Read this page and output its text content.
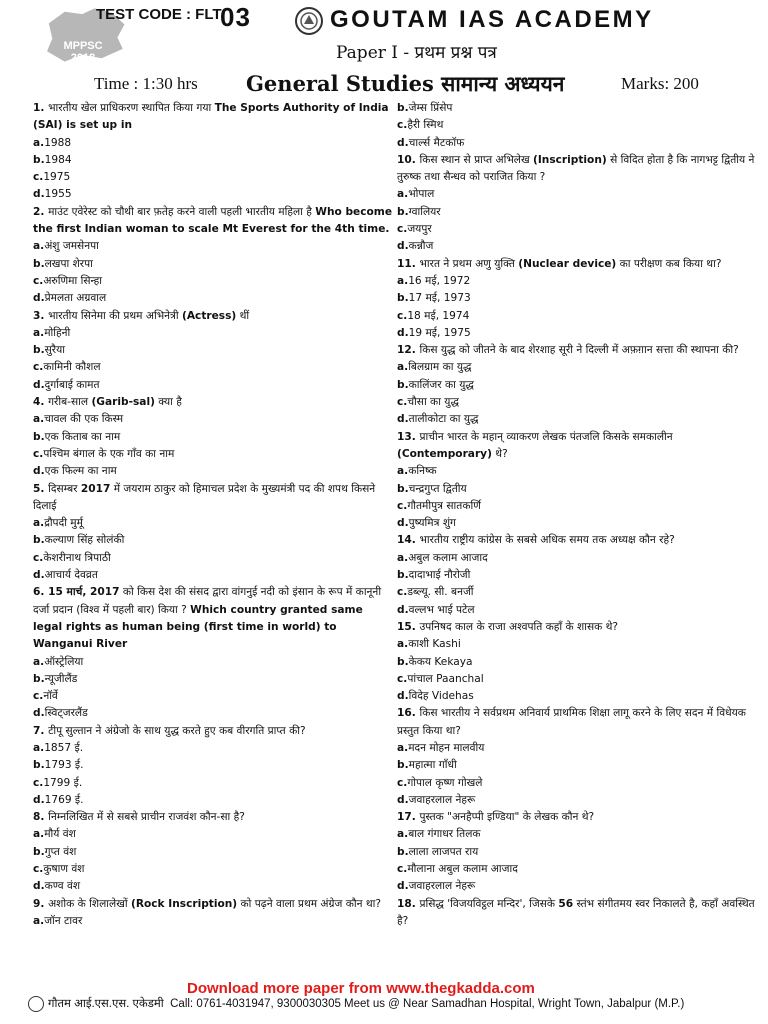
MPPSC
2018
TEST CODE : FLT
03	GOUTAM IAS ACADEMY
Paper I - प्रथम प्रश्न पत्र
Time : 1:30 hrs General Studies सामान्य अध्ययन	Marks: 200
1. भारतीय खेल प्राधिकरण स्थापित किया गया The Sports Authority of India (SAI) is set up in
a.1988
b.1984
c.1975
d.1955
2. माउंट एवेरेस्ट को चौथी बार फ़तेह करने वाली पहली भारतीय महिला है Who become the first Indian woman to scale Mt Everest for the 4th time.
a.अंशु जमसेनपा
b.लखपा शेरपा
c.अरुणिमा सिन्हा
d.प्रेमलता अग्रवाल
3. भारतीय सिनेमा की प्रथम अभिनेत्री (Actress) थीं
a.मोहिनी
b.सुरैया
c.कामिनी कौशल
d.दुर्गाबाई कामत
4. गरीब-साल (Garib-sal) क्या है
a.चावल की एक किस्म
b.एक किताब का नाम
c.पश्चिम बंगाल के एक गाँव का नाम
d.एक फिल्म का नाम
5. दिसम्बर 2017 में जयराम ठाकुर को हिमाचल प्रदेश के मुख्यमंत्री पद की शपथ किसने दिलाई
a.द्रौपदी मुर्मू
b.कल्याण सिंह सोलंकी
c.केशरीनाथ त्रिपाठी
d.आचार्य देवव्रत
6. 15 मार्च, 2017 को किस देश की संसद द्वारा वांगनुई नदी को इंसान के रूप में कानूनी दर्जा प्रदान (विश्व में पहली बार) किया ? Which country granted same legal rights as human being (first time in world) to Wanganui River
a.ऑस्ट्रेलिया
b.न्यूजीलैंड
c.नॉर्वे
d.स्विट्जरलैंड
7. टीपू सुल्तान ने अंग्रेजो के साथ युद्ध करते हुए कब वीरगति प्राप्त की?
a.1857 ई.
b.1793 ई.
c.1799 ई.
d.1769 ई.
8. निम्नलिखित में से सबसे प्राचीन राजवंश कौन-सा है?
a.मौर्य वंश
b.गुप्त वंश
c.कुषाण वंश
d.कण्व वंश
9. अशोक के शिलालेखों (Rock Inscription) को पढ़ने वाला प्रथम अंग्रेज कौन था?
a.जॉन टावर
b.जेम्स प्रिंसेप
c.हैरी स्मिथ
d.चार्ल्स मैटकॉफ
10. किस स्थान से प्राप्त अभिलेख (Inscription) से विदित होता है कि नागभट्ट द्वितीय ने तुरुष्क तथा सैन्धव को पराजित किया ?
a.भोपाल
b.ग्वालियर
c.जयपुर
d.कन्नौज
11. भारत ने प्रथम अणु युक्ति (Nuclear device) का परीक्षण कब किया था?
a.16 मई, 1972
b.17 मई, 1973
c.18 मई, 1974
d.19 मई, 1975
12. किस युद्ध को जीतने के बाद शेरशाह सूरी ने दिल्ली में अफ़ग़ान सत्ता की स्थापना की?
a.बिलग्राम का युद्ध
b.कालिंजर का युद्ध
c.चौसा का युद्ध
d.तालीकोटा का युद्ध
13. प्राचीन भारत के महान् व्याकरण लेखक पंतजलि किसके समकालीन (Contemporary) थे?
a.कनिष्क
b.चन्द्रगुप्त द्वितीय
c.गौतमीपुत्र सातकर्णि
d.पुष्यमित्र शुंग
14. भारतीय राष्ट्रीय कांग्रेस के सबसे अधिक समय तक अध्यक्ष कौन रहे?
a.अबुल कलाम आजाद
b.दादाभाई नौरोजी
c.डब्ल्यू. सी. बनर्जी
d.वल्लभ भाई पटेल
15. उपनिषद काल के राजा अश्वपति कहाँ के शासक थे?
a.काशी Kashi
b.केकय Kekaya
c.पांचाल Paanchal
d.विदेह Videhas
16. किस भारतीय ने सर्वप्रथम अनिवार्य प्राथमिक शिक्षा लागू करने के लिए सदन में विधेयक प्रस्तुत किया था?
a.मदन मोहन मालवीय
b.महात्मा गाँधी
c.गोपाल कृष्ण गोखले
d.जवाहरलाल नेहरू
17. पुस्तक "अनहैप्पी इण्डिया" के लेखक कौन थे?
a.बाल गंगाधर तिलक
b.लाला लाजपत राय
c.मौलाना अबुल कलाम आजाद
d.जवाहरलाल नेहरू
18. प्रसिद्ध 'विजयविट्ठल मन्दिर', जिसके 56 स्तंभ संगीतमय स्वर निकालते है, कहाँ अवस्थित है?
Download more paper from www.thegkadda.com
गौतम आई.एस.एस. एकेडमी Call: 0761-4031947, 9300030305 Meet us @ Near Samadhan Hospital, Wright Town, Jabalpur (M.P.)
